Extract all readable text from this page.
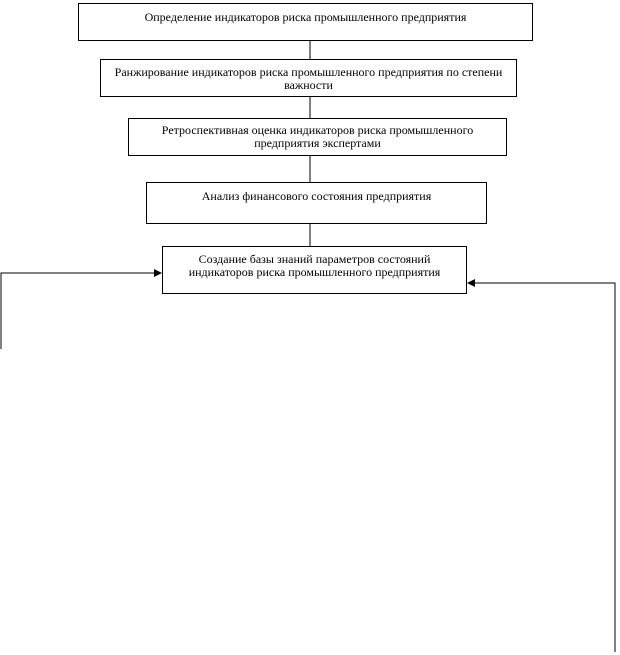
Определение индикаторов риска промышленного предприятия
Ранжирование индикаторов риска промышленного предприятия по степени важности
Ретроспективная оценка индикаторов риска промышленного предприятия экспертами
Анализ финансового состояния предприятия
Создание базы знаний параметров состояний индикаторов риска промышленного предприятия
